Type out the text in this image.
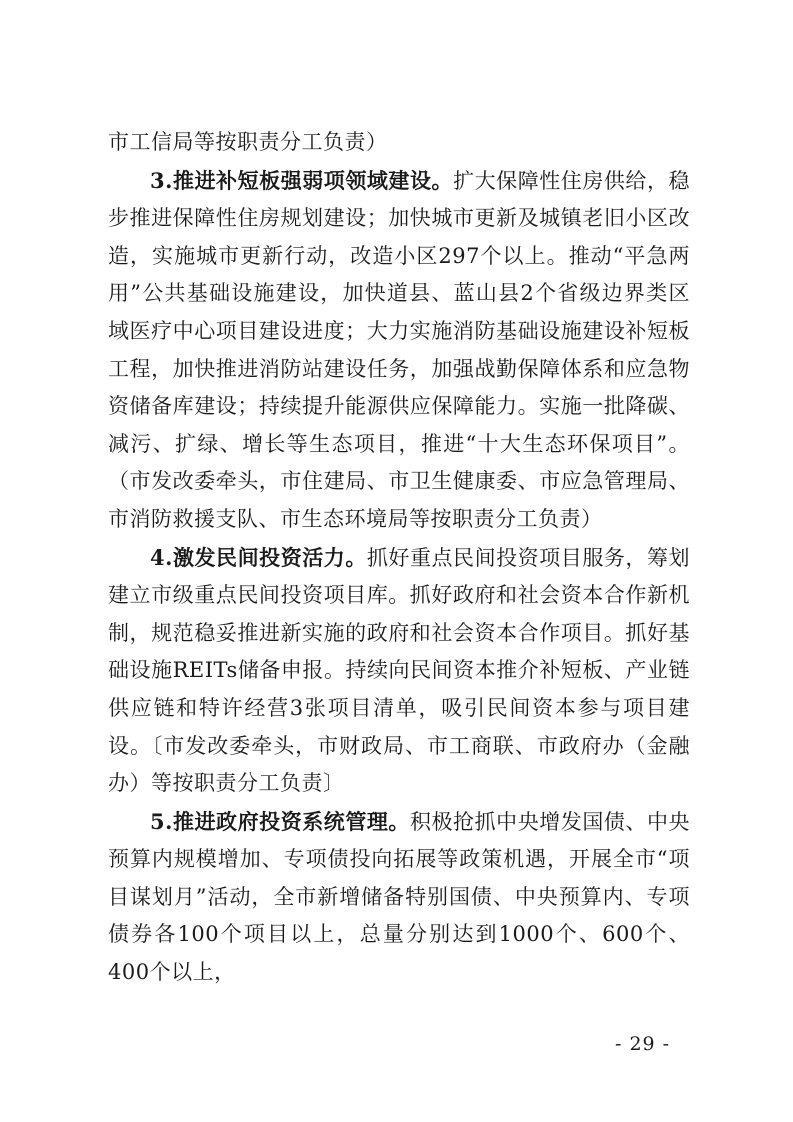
市工信局等按职责分工负责）

3.推进补短板强弱项领域建设。扩大保障性住房供给，稳步推进保障性住房规划建设；加快城市更新及城镇老旧小区改造，实施城市更新行动，改造小区297个以上。推动“平急两用”公共基础设施建设，加快道县、蓝山县2个省级边界类区域医疗中心项目建设进度；大力实施消防基础设施建设补短板工程，加快推进消防站建设任务，加强战勤保障体系和应急物资储备库建设；持续提升能源供应保障能力。实施一批降碳、减污、扩绿、增长等生态项目，推进“十大生态环保项目”。（市发改委牵头，市住建局、市卫生健康委、市应急管理局、市消防救援支队、市生态环境局等按职责分工负责）

4.激发民间投资活力。抓好重点民间投资项目服务，筹划建立市级重点民间投资项目库。抓好政府和社会资本合作新机制，规范稳妥推进新实施的政府和社会资本合作项目。抓好基础设施REITs储备申报。持续向民间资本推介补短板、产业链供应链和特许经营3张项目清单，吸引民间资本参与项目建设。〔市发改委牵头，市财政局、市工商联、市政府办（金融办）等按职责分工负责〕

5.推进政府投资系统管理。积极抢抓中央增发国债、中央预算内规模增加、专项债投向拓展等政策机遇，开展全市“项目谋划月”活动，全市新增储备特别国债、中央预算内、专项债券各100个项目以上，总量分别达到1000个、600个、400个以上，

- 29 -
